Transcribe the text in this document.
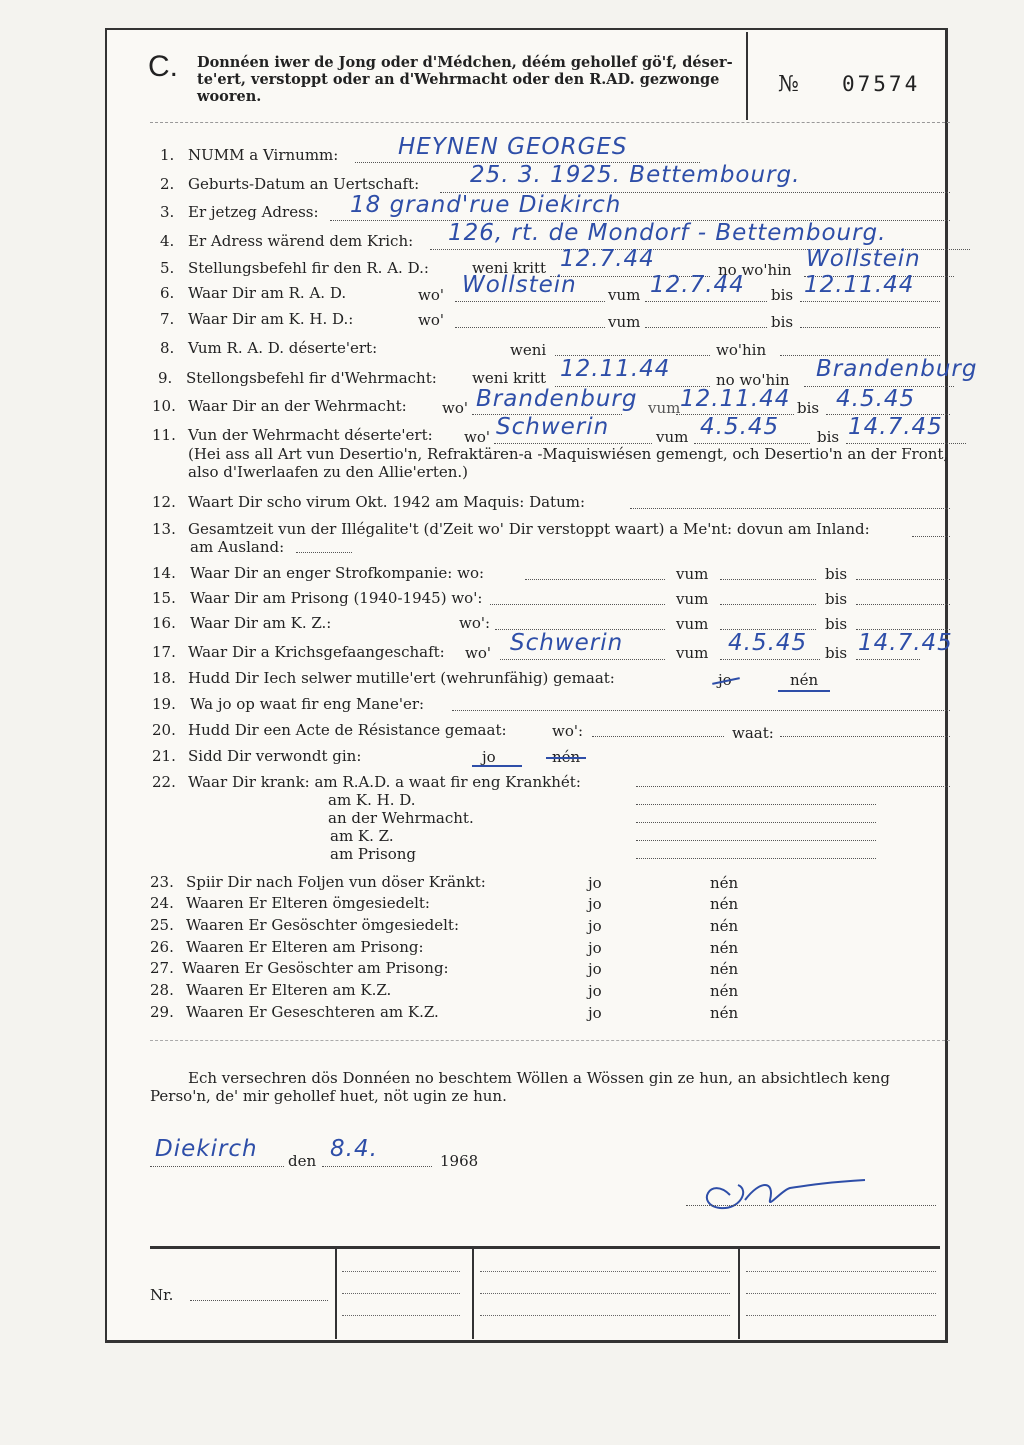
C. Donnéen iwer de Jong oder d'Médchen, déém gehollef gö'f, déser-te'ert, verstoppt oder an d'Wehrmacht oder den R.AD. gezwonge wooren.	№ 07574
1. NUMM a Virnumm:	HEYNEN GEORGES
2. Geburts-Datum an Uertschaft: 25. 3. 1925. Bettembourg.
3. Er jetzeg Adress: 18 grand'rue Diekirch
4. Er Adress wärend dem Krich: 126, rt. de Mondorf - Bettembourg.
5. Stellungsbefehl fir den R. A. D.:	weni kritt 12.7.44	no wo'hin Wollstein
6. Waar Dir am R. A. D.	wo' Wollstein vum 12.7.44 bis 12.11.44
7. Waar Dir am K. H. D.:	wo'	vum	bis
8. Vum R. A. D. déserte'ert:	weni	wo'hin
9. Stellongsbefehl fir d'Wehrmacht: weni kritt 12.11.44	no wo'hin Brandenburg
10. Waar Dir an der Wehrmacht: wo' Brandenburg vum 12.11.44 bis 4.5.45
11. Vun der Wehrmacht déserte'ert: wo' Schwerin	vum 4.5.45	bis 14.7.45
(Hei ass all Art vun Desertio'n, Refraktären-a -Maquiswiésen gemengt, och Desertio'n an der Front, also d'Iwerlaafen zu den Allie'erten.)
12. Waart Dir scho virum Okt. 1942 am Maquis: Datum:
13. Gesamtzeit vun der Illégalite't (d'Zeit wo' Dir verstoppt waart) a Me'nt: dovun am Inland:
am Ausland:
14. Waar Dir an enger Strofkompanie: wo:	vum	bis
15. Waar Dir am Prisong (1940-1945) wo':	vum	bis
16. Waar Dir am K. Z.:	wo':	vum	bis
17. Waar Dir a Krichsgefaangeschaft: wo' Schwerin	vum 4.5.45 bis 14.7.45
18. Hudd Dir Iech selwer mutille'ert (wehrunfähig) gemaat:	jo	nén
19. Wa jo op waat fir eng Mane'er:
20. Hudd Dir een Acte de Résistance gemaat:	wo':	waat:
21. Sidd Dir verwondt gin:	jo	nén
22. Waar Dir krank: am R.A.D. a waat fir eng Krankhét:
am K. H. D.
an der Wehrmacht.
am K. Z.
am Prisong
23. Spiir Dir nach Foljen vun döser Kränkt:	jo	nén
24. Waaren Er Elteren ömgesiedelt:	jo	nén
25. Waaren Er Gesöschter ömgesiedelt:	jo	nén
26. Waaren Er Elteren am Prisong:	jo	nén
27. Waaren Er Gesöschter am Prisong:	jo	nén
28. Waaren Er Elteren am K.Z.	jo	nén
29. Waaren Er Geseschteren am K.Z.	jo	nén
Ech versechren dös Donnéen no beschtem Wöllen a Wössen gin ze hun, an absichtlech keng Perso'n, de' mir gehollef huet, nöt ugin ze hun.
Diekirch den 8.4.	1968
Nr.
